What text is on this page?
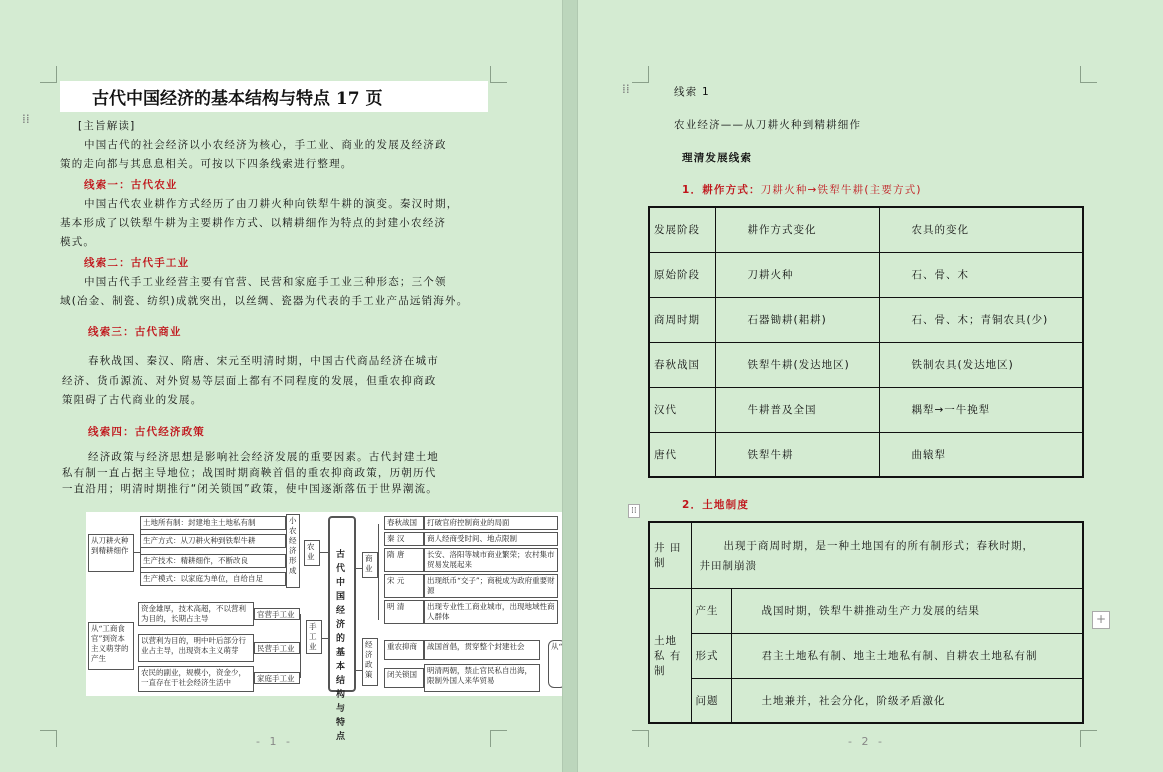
古代中国经济的基本结构与特点 17 页
⁞⁞	[主旨解读]
中国古代的社会经济以小农经济为核心，手工业、商业的发展及经济政
策的走向都与其息息相关。可按以下四条线索进行整理。
线索一：古代农业
中国古代农业耕作方式经历了由刀耕火种向铁犁牛耕的演变。秦汉时期，
基本形成了以铁犁牛耕为主要耕作方式、以精耕细作为特点的封建小农经济
模式。
线索二：古代手工业
中国古代手工业经营主要有官营、民营和家庭手工业三种形态；三个领
域(冶金、制瓷、纺织)成就突出，以丝绸、瓷器为代表的手工业产品远销海外。
线索三：古代商业
春秋战国、秦汉、隋唐、宋元至明清时期，中国古代商品经济在城市
经济、货币源流、对外贸易等层面上都有不同程度的发展，但重农抑商政
策阻碍了古代商业的发展。
线索四：古代经济政策
经济政策与经济思想是影响社会经济发展的重要因素。古代封建土地
私有制一直占据主导地位；战国时期商鞅首倡的重农抑商政策，历朝历代
一直沿用；明清时期推行“闭关锁国”政策，使中国逐渐落伍于世界潮流。
从刀耕火种到精耕细作
从“工商食官”到资本主义萌芽的产生
土地所有制：封建地主土地私有制
生产方式：从刀耕火种到铁犁牛耕
生产技术：精耕细作，不断改良
生产模式：以家庭为单位，自给自足
小农经济形成
农业
资金雄厚，技术高超，不以营利为目的，长期占主导
以营利为目的，明中叶后部分行业占主导，出现资本主义萌芽
农民的副业，规模小，资金少，一直存在于社会经济生活中
官营手工业
民营手工业
家庭手工业
手工业
古代中国经济的基本结构与特点
商业
经济政策
春秋战国
秦 汉
隋 唐
宋 元
明 清
打破官府控制商业的局面
商人经商受时间、地点限制
长安、洛阳等城市商业繁荣；农村集市贸易发展起来
出现纸币“交子”；商税成为政府重要财源
出现专业性工商业城市，出现地域性商人群体
重农抑商
闭关锁国
战国首倡，贯穿整个封建社会
明清两朝，禁止官民私自出海，限制外国人来华贸易
从“
- 1 -
⁞⁞	线索 1
农业经济——从刀耕火种到精耕细作
理清发展线索
1．耕作方式：刀耕火种→铁犁牛耕(主要方式)
发展阶段	耕作方式变化	农具的变化
原始阶段	刀耕火种	石、骨、木
商周时期	石器锄耕(耜耕)	石、骨、木；青铜农具(少)
春秋战国	铁犁牛耕(发达地区)	铁制农具(发达地区)
汉代	牛耕普及全国	耦犁→一牛挽犁
唐代	铁犁牛耕	曲辕犁
2．土地制度
⁞⁞
井 田 制	出现于商周时期，是一种土地国有的所有制形式；春秋时期，
井田制崩溃	

土地 私 有 制	产生	战国时期，铁犁牛耕推动生产力发展的结果
	形式	君主土地私有制、地主土地私有制、自耕农土地私有制
	问题	土地兼并，社会分化，阶级矛盾激化
- 2 -
+
